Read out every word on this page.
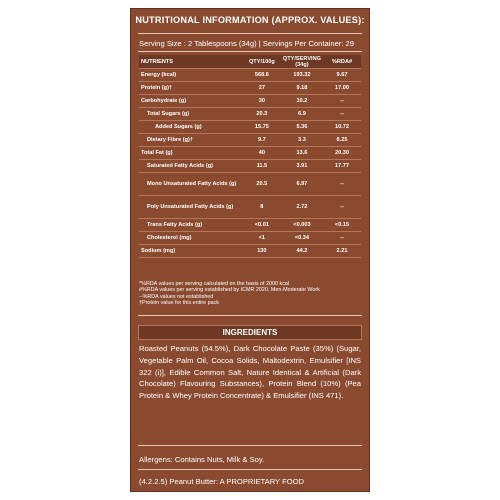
NUTRITIONAL INFORMATION (APPROX. VALUES):
Serving Size : 2 Tablespoons (34g) | Servings Per Container: 29
NUTRIENTS	QTY/100g	QTY/SERVING (34g)	%RDA#
Energy (kcal)	568.6	193.32	9.67
Protein (g)†	27	9.18	17.00
Carbohydrate (g)	30	10.2	--
Total Sugars (g)	20.3	6.9	--
Added Sugars (g)	15.75	5.36	10.72
Dietary Fibre (g)†	9.7	3.3	8.25
Total Fat (g)	40	13.6	20.30
Saturated Fatty Acids (g)	11.5	3.91	17.77
Mono Unsaturated Fatty Acids (g)	20.5	6.97	--
Poly Unsaturated Fatty Acids (g)	8	2.72	--
Trans Fatty Acids (g)	<0.01	<0.003	<0.15
Cholesterol (mg)	<1	<0.34	--
Sodium (mg)	130	44.2	2.21
*%RDA values per serving calculated on the basis of 2000 kcal
#%RDA values per serving established by ICMR 2020, Men-Moderate Work
--%RDA values not established
†Protein value for this entire pack
INGREDIENTS
Roasted Peanuts (54.5%), Dark Chocolate Paste (35%) (Sugar, Vegetable Palm Oil, Cocoa Solids, Maltodextrin, Emulsifier [INS 322 (i)], Edible Common Salt, Nature Identical & Artificial (Dark Chocolate) Flavouring Substances), Protein Blend (10%) (Pea Protein & Whey Protein Concentrate) & Emulsifier (INS 471).
Allergens: Contains Nuts, Milk & Soy.
(4.2.2.5) Peanut Butter: A PROPRIETARY FOOD
